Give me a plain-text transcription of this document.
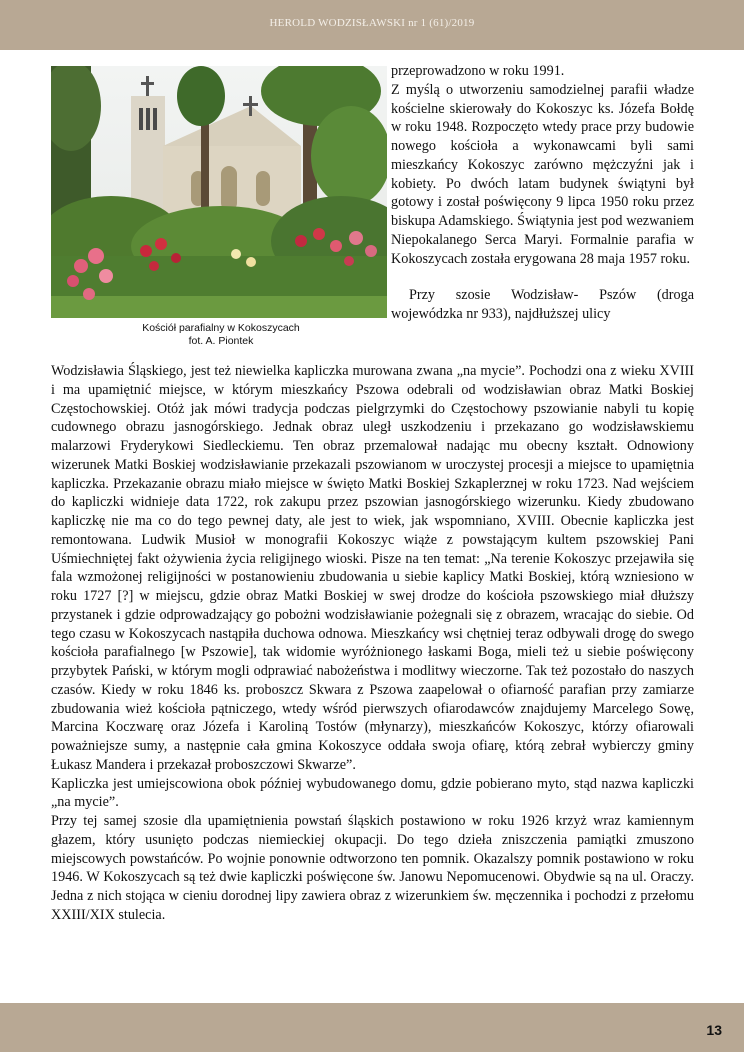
HEROLD WODZISŁAWSKI nr 1 (61)/2019
Kościół parafialny w Kokoszycach
fot. A. Piontek

przeprowadzono w roku 1991.

Z myślą o utworzeniu samodzielnej parafii władze kościelne skierowały do Kokoszyc ks. Józefa Bołdę w roku 1948. Rozpoczęto wtedy prace przy budowie nowego kościoła a wykonawcami byli sami mieszkańcy Kokoszyc zarówno mężczyźni jak i kobiety. Po dwóch latam budynek świątyni był gotowy i został poświęcony 9 lipca 1950 roku przez biskupa Adamskiego. Świątynia jest pod wezwaniem Niepokalanego Serca Maryi. Formalnie parafia w Kokoszycach została erygowana 28 maja 1957 roku.

Przy szosie Wodzisław- Pszów (droga wojewódzka nr 933), najdłuższej ulicy

Wodzisławia Śląskiego, jest też niewielka kapliczka murowana zwana „na mycie”. Pochodzi ona z wieku XVIII i ma upamiętnić miejsce, w którym mieszkańcy Pszowa odebrali od wodzisławian obraz Matki Boskiej Częstochowskiej. Otóż jak mówi tradycja podczas pielgrzymki do Częstochowy pszowianie nabyli tu kopię cudownego obrazu jasnogórskiego. Jednak obraz uległ uszkodzeniu i przekazano go wodzisławskiemu malarzowi Fryderykowi Siedleckiemu. Ten obraz przemalował nadając mu obecny kształt. Odnowiony wizerunek Matki Boskiej wodzisławianie przekazali pszowianom w uroczystej procesji a miejsce to upamiętnia kapliczka. Przekazanie obrazu miało miejsce w święto Matki Boskiej Szkaplerznej w roku 1723. Nad wejściem do kapliczki widnieje data 1722, rok zakupu przez pszowian jasnogórskiego wizerunku. Kiedy zbudowano kapliczkę nie ma co do tego pewnej daty, ale jest to wiek, jak wspomniano, XVIII. Obecnie kapliczka jest remontowana. Ludwik Musioł w monografii Kokoszyc wiąże z powstającym kultem pszowskiej Pani Uśmiechniętej fakt ożywienia życia religijnego wioski. Pisze na ten temat: „Na terenie Kokoszyc przejawiła się fala wzmożonej religijności w postanowieniu zbudowania u siebie kaplicy Matki Boskiej, którą wzniesiono w roku 1727 [?] w miejscu, gdzie obraz Matki Boskiej w swej drodze do kościoła pszowskiego miał dłuższy przystanek i gdzie odprowadzający go pobożni wodzisławianie pożegnali się z obrazem, wracając do siebie. Od tego czasu w Kokoszycach nastąpiła duchowa odnowa. Mieszkańcy wsi chętniej teraz odbywali drogę do swego kościoła parafialnego [w Pszowie], tak widomie wyróżnionego łaskami Boga, mieli też u siebie poświęcony przybytek Pański, w którym mogli odprawiać nabożeństwa i modlitwy wieczorne. Tak też pozostało do naszych czasów. Kiedy w roku 1846 ks. proboszcz Skwara z Pszowa zaapelował o ofiarność parafian przy zamiarze zbudowania wież kościoła pątniczego, wtedy wśród pierwszych ofiarodawców znajdujemy Marcelego Sowę, Marcina Koczwarę oraz Józefa i Karoliną Tostów (młynarzy), mieszkańców Kokoszyc, którzy ofiarowali poważniejsze sumy, a następnie cała gmina Kokoszyce oddała swoja ofiarę, którą zebrał wybierczy gminy Łukasz Mandera i przekazał proboszczowi Skwarze”.

Kapliczka jest umiejscowiona obok później wybudowanego domu, gdzie pobierano myto, stąd nazwa kapliczki „na mycie”.

Przy tej samej szosie dla upamiętnienia powstań śląskich postawiono w roku 1926 krzyż wraz kamiennym głazem, który usunięto podczas niemieckiej okupacji. Do tego dzieła zniszczenia pamiątki zmuszono miejscowych powstańców. Po wojnie ponownie odtworzono ten pomnik. Okazalszy pomnik postawiono w roku 1946. W Kokoszycach są też dwie kapliczki poświęcone św. Janowu Nepomucenowi. Obydwie są na ul. Oraczy. Jedna z nich stojąca w cieniu dorodnej lipy zawiera obraz z wizerunkiem św. męczennika i pochodzi z przełomu XXIII/XIX stulecia.

13
